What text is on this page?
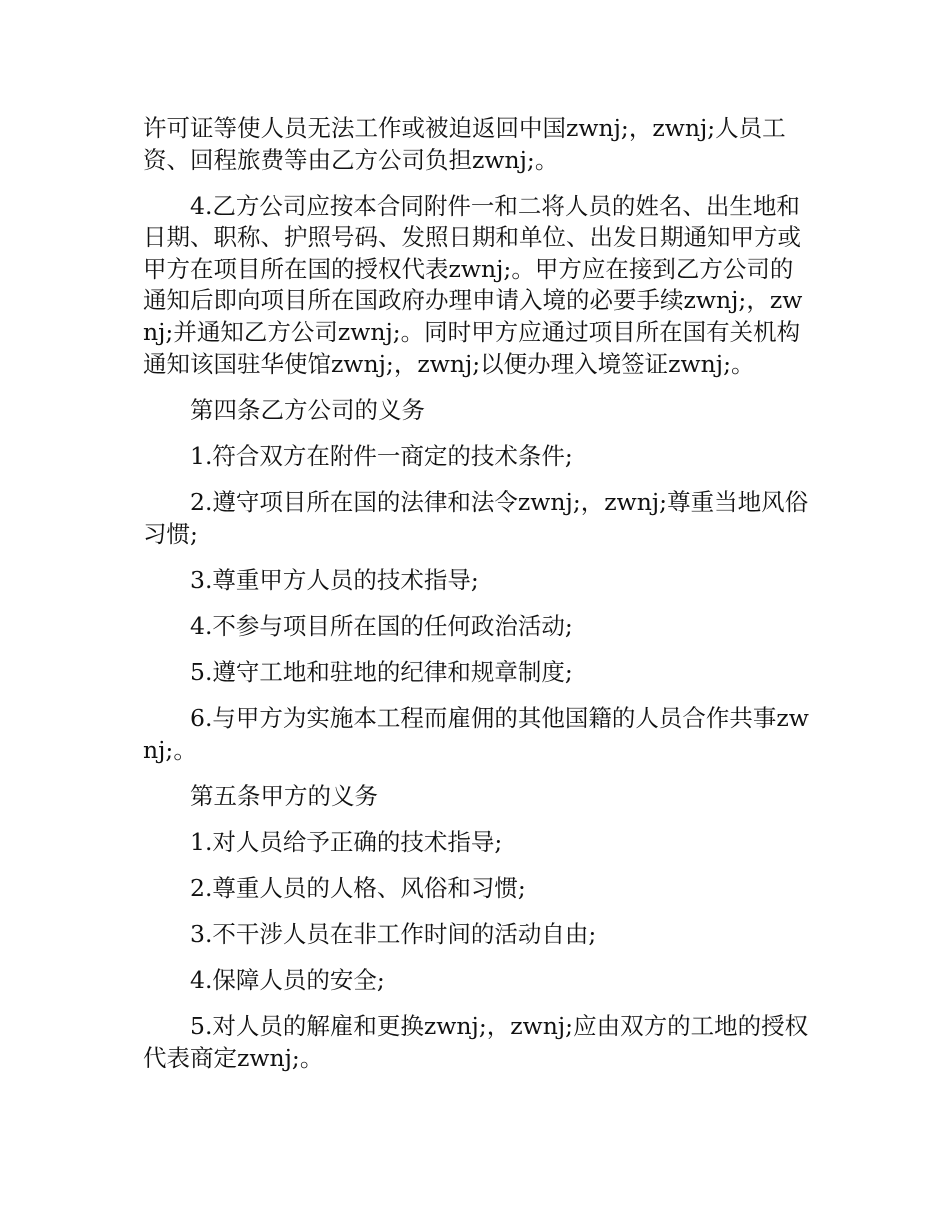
许可证等使人员无法工作或被迫返回中国zwnj;，zwnj;人员工资、回程旅费等由乙方公司负担zwnj;。

4.乙方公司应按本合同附件一和二将人员的姓名、出生地和日期、职称、护照号码、发照日期和单位、出发日期通知甲方或甲方在项目所在国的授权代表zwnj;。甲方应在接到乙方公司的通知后即向项目所在国政府办理申请入境的必要手续zwnj;，zwnj;并通知乙方公司zwnj;。同时甲方应通过项目所在国有关机构通知该国驻华使馆zwnj;，zwnj;以便办理入境签证zwnj;。

第四条乙方公司的义务

1.符合双方在附件一商定的技术条件;

2.遵守项目所在国的法律和法令zwnj;，zwnj;尊重当地风俗习惯;

3.尊重甲方人员的技术指导;

4.不参与项目所在国的任何政治活动;

5.遵守工地和驻地的纪律和规章制度;

6.与甲方为实施本工程而雇佣的其他国籍的人员合作共事zwnj;。

第五条甲方的义务

1.对人员给予正确的技术指导;

2.尊重人员的人格、风俗和习惯;

3.不干涉人员在非工作时间的活动自由;

4.保障人员的安全;

5.对人员的解雇和更换zwnj;，zwnj;应由双方的工地的授权代表商定zwnj;。
